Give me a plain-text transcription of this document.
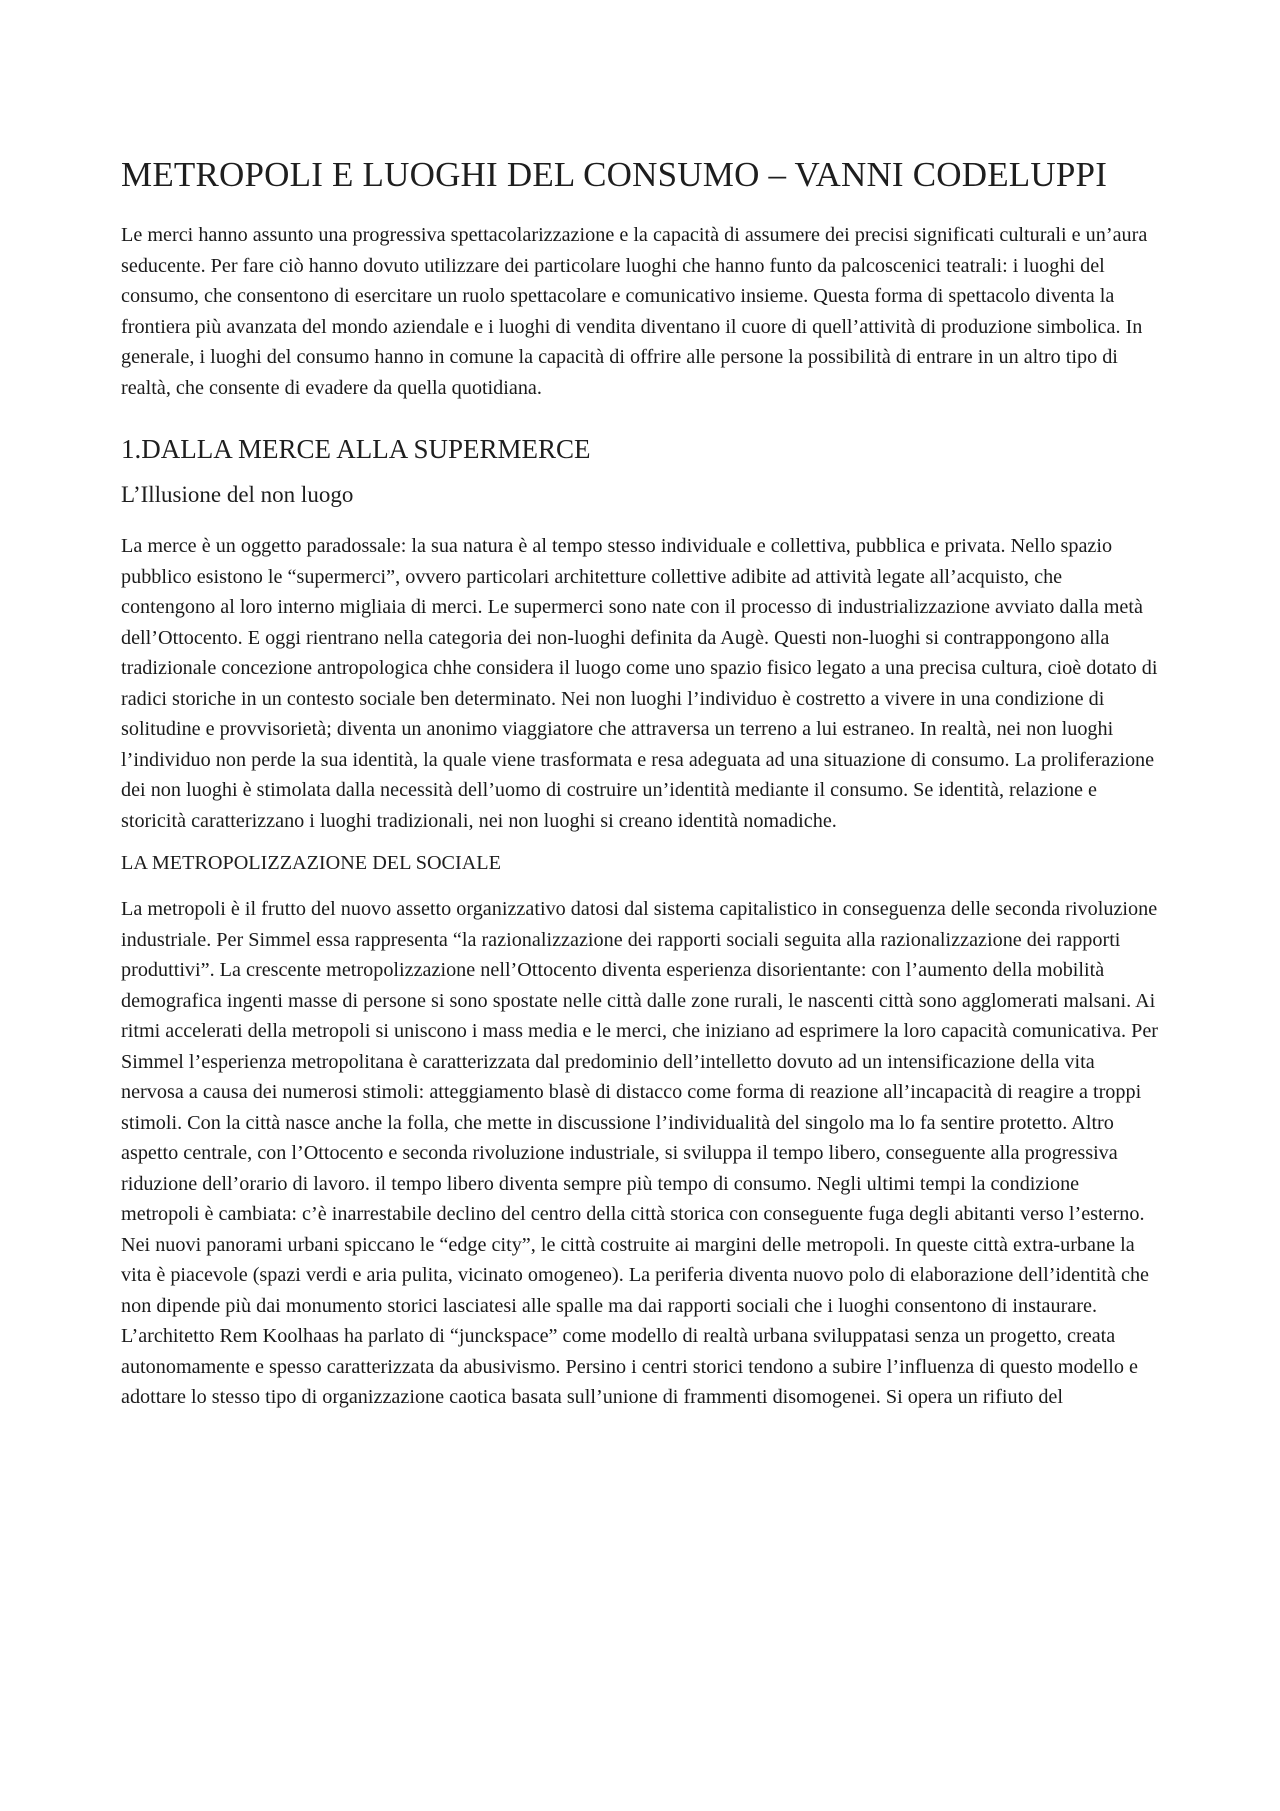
METROPOLI E LUOGHI DEL CONSUMO – VANNI CODELUPPI

Le merci hanno assunto una progressiva spettacolarizzazione e la capacità di assumere dei precisi significati culturali e un’aura seducente. Per fare ciò hanno dovuto utilizzare dei particolare luoghi che hanno funto da palcoscenici teatrali: i luoghi del consumo, che consentono di esercitare un ruolo spettacolare e comunicativo insieme. Questa forma di spettacolo diventa la frontiera più avanzata del mondo aziendale e i luoghi di vendita diventano il cuore di quell’attività di produzione simbolica. In generale, i luoghi del consumo hanno in comune la capacità di offrire alle persone la possibilità di entrare in un altro tipo di realtà, che consente di evadere da quella quotidiana.

1.DALLA MERCE ALLA SUPERMERCE
L’Illusione del non luogo

La merce è un oggetto paradossale: la sua natura è al tempo stesso individuale e collettiva, pubblica e privata. Nello spazio pubblico esistono le “supermerci”, ovvero particolari architetture collettive adibite ad attività legate all’acquisto, che contengono al loro interno migliaia di merci. Le supermerci sono nate con il processo di industrializzazione avviato dalla metà dell’Ottocento. E oggi rientrano nella categoria dei non-luoghi definita da Augè. Questi non-luoghi si contrappongono alla tradizionale concezione antropologica chhe considera il luogo come uno spazio fisico legato a una precisa cultura, cioè dotato di radici storiche in un contesto sociale ben determinato. Nei non luoghi l’individuo è costretto a vivere in una condizione di solitudine e provvisorietà; diventa un anonimo viaggiatore che attraversa un terreno a lui estraneo. In realtà, nei non luoghi l’individuo non perde la sua identità, la quale viene trasformata e resa adeguata ad una situazione di consumo. La proliferazione dei non luoghi è stimolata dalla necessità dell’uomo di costruire un’identità mediante il consumo. Se identità, relazione e storicità caratterizzano i luoghi tradizionali, nei non luoghi si creano identità nomadiche.

LA METROPOLIZZAZIONE DEL SOCIALE

La metropoli è il frutto del nuovo assetto organizzativo datosi dal sistema capitalistico in conseguenza delle seconda rivoluzione industriale. Per Simmel essa rappresenta “la razionalizzazione dei rapporti sociali seguita alla razionalizzazione dei rapporti produttivi”. La crescente metropolizzazione nell’Ottocento diventa esperienza disorientante: con l’aumento della mobilità demografica ingenti masse di persone si sono spostate nelle città dalle zone rurali, le nascenti città sono agglomerati malsani. Ai ritmi accelerati della metropoli si uniscono i mass media e le merci, che iniziano ad esprimere la loro capacità comunicativa. Per Simmel l’esperienza metropolitana è caratterizzata dal predominio dell’intelletto dovuto ad un intensificazione della vita nervosa a causa dei numerosi stimoli: atteggiamento blasè di distacco come forma di reazione all’incapacità di reagire a troppi stimoli. Con la città nasce anche la folla, che mette in discussione l’individualità del singolo ma lo fa sentire protetto. Altro aspetto centrale, con l’Ottocento e seconda rivoluzione industriale, si sviluppa il tempo libero, conseguente alla progressiva riduzione dell’orario di lavoro. il tempo libero diventa sempre più tempo di consumo. Negli ultimi tempi la condizione metropoli è cambiata: c’è inarrestabile declino del centro della città storica con conseguente fuga degli abitanti verso l’esterno. Nei nuovi panorami urbani spiccano le “edge city”, le città costruite ai margini delle metropoli. In queste città extra-urbane la vita è piacevole (spazi verdi e aria pulita, vicinato omogeneo). La periferia diventa nuovo polo di elaborazione dell’identità che non dipende più dai monumento storici lasciatesi alle spalle ma dai rapporti sociali che i luoghi consentono di instaurare. L’architetto Rem Koolhaas ha parlato di “junckspace” come modello di realtà urbana sviluppatasi senza un progetto, creata autonomamente e spesso caratterizzata da abusivismo. Persino i centri storici tendono a subire l’influenza di questo modello e adottare lo stesso tipo di organizzazione caotica basata sull’unione di frammenti disomogenei. Si opera un rifiuto del
